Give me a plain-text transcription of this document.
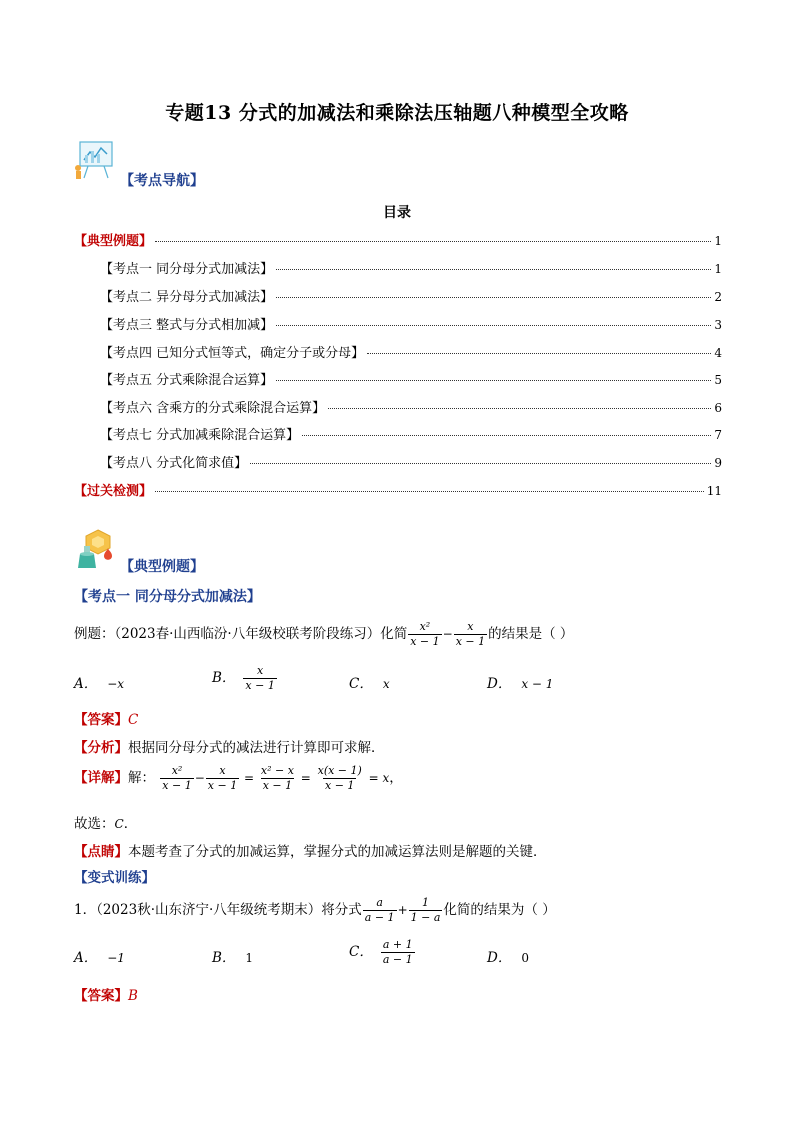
专题13 分式的加减法和乘除法压轴题八种模型全攻略
【考点导航】
目录
【典型例题】	1
【考点一 同分母分式加减法】	1
【考点二 异分母分式加减法】	2
【考点三 整式与分式相加减】	3
【考点四 已知分式恒等式，确定分子或分母】	4
【考点五 分式乘除混合运算】	5
【考点六 含乘方的分式乘除混合运算】	6
【考点七 分式加减乘除混合运算】	7
【考点八 分式化简求值】	9
【过关检测】	11
【典型例题】
【考点一 同分母分式加减法】
例题：（2023春·山西临汾·八年级校联考阶段练习）化简 $\frac{\text{x²}}{x - 1} - \frac{x}{x - 1}$ 的结果是（ ）
A． −x	B． $\frac{x}{x - 1}$	C． x	D． x − 1
【答案】C
【分析】根据同分母分式的减法进行计算即可求解．
【详解】解： $\frac{\text{x²}}{x - 1} - \frac{x}{x - 1} = \frac{\text{x² − x}}{x - 1} = \frac{x(x - 1)}{x - 1} = x$，
故选：C．
【点睛】本题考查了分式的加减运算，掌握分式的加减运算法则是解题的关键．
【变式训练】
1．（2023秋·山东济宁·八年级统考期末）将分式 $\frac{a}{a - 1} + \frac{1}{1 - a}$ 化简的结果为（ ）
A． −1	B． 1	C． $\frac{a + 1}{a - 1}$	D． 0
【答案】B
